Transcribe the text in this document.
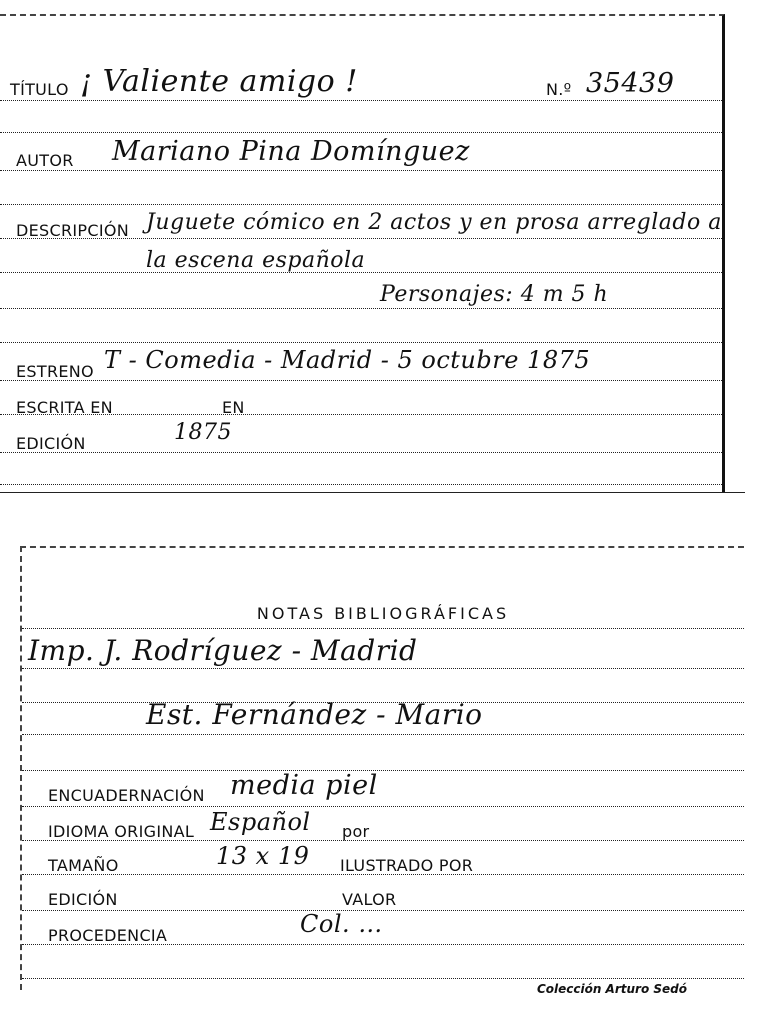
TÍTULO ¡ Valiente amigo !	N.º 35439
AUTOR Mariano Pina Domínguez
DESCRIPCIÓN Juguete cómico en 2 actos y en prosa arreglado a
la escena española
Personajes: 4 m 5 h
ESTRENO T - Comedia - Madrid - 5 octubre 1875
ESCRITA EN	EN
EDICIÓN	1875
NOTAS BIBLIOGRÁFICAS
Imp. J. Rodríguez - Madrid
Est. Fernández - Mario
ENCUADERNACIÓN media piel
IDIOMA ORIGINAL Español por
TAMAÑO	13 x 19 ILUSTRADO POR
EDICIÓN	VALOR
PROCEDENCIA	Col. …
Colección Arturo Sedó
